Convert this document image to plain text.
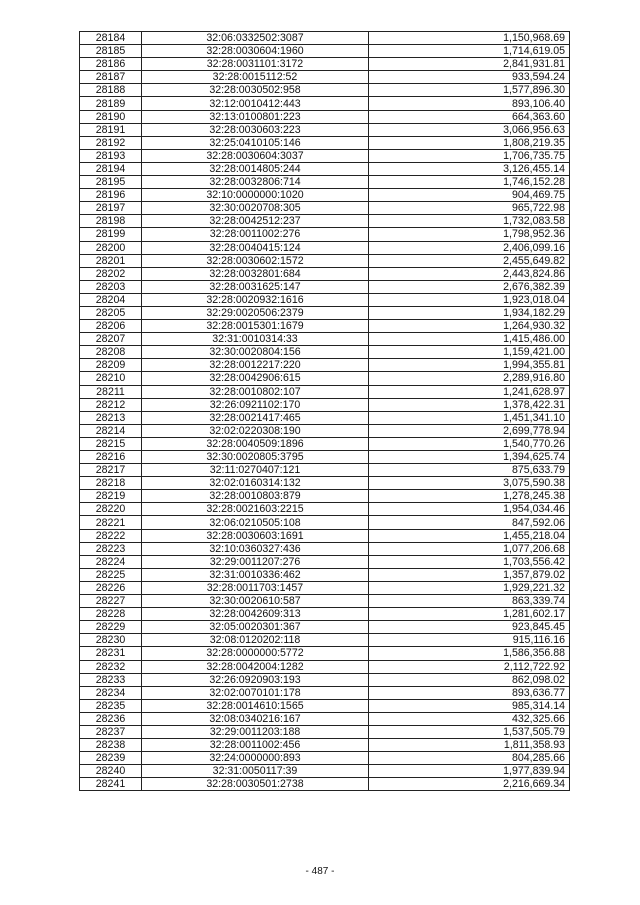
28184	32:06:0332502:3087	1,150,968.69
28185	32:28:0030604:1960	1,714,619.05
28186	32:28:0031101:3172	2,841,931.81
28187	32:28:0015112:52	933,594.24
28188	32:28:0030502:958	1,577,896.30
28189	32:12:0010412:443	893,106.40
28190	32:13:0100801:223	664,363.60
28191	32:28:0030603:223	3,066,956.63
28192	32:25:0410105:146	1,808,219.35
28193	32:28:0030604:3037	1,706,735.75
28194	32:28:0014805:244	3,126,455.14
28195	32:28:0032806:714	1,746,152.28
28196	32:10:0000000:1020	904,469.75
28197	32:30:0020708:305	965,722.98
28198	32:28:0042512:237	1,732,083.58
28199	32:28:0011002:276	1,798,952.36
28200	32:28:0040415:124	2,406,099.16
28201	32:28:0030602:1572	2,455,649.82
28202	32:28:0032801:684	2,443,824.86
28203	32:28:0031625:147	2,676,382.39
28204	32:28:0020932:1616	1,923,018.04
28205	32:29:0020506:2379	1,934,182.29
28206	32:28:0015301:1679	1,264,930.32
28207	32:31:0010314:33	1,415,486.00
28208	32:30:0020804:156	1,159,421.00
28209	32:28:0012217:220	1,994,355.81
28210	32:28:0042906:615	2,289,916.80
28211	32:28:0010802:107	1,241,628.97
28212	32:26:0921102:170	1,378,422.31
28213	32:28:0021417:465	1,451,341.10
28214	32:02:0220308:190	2,699,778.94
28215	32:28:0040509:1896	1,540,770.26
28216	32:30:0020805:3795	1,394,625.74
28217	32:11:0270407:121	875,633.79
28218	32:02:0160314:132	3,075,590.38
28219	32:28:0010803:879	1,278,245.38
28220	32:28:0021603:2215	1,954,034.46
28221	32:06:0210505:108	847,592.06
28222	32:28:0030603:1691	1,455,218.04
28223	32:10:0360327:436	1,077,206.68
28224	32:29:0011207:276	1,703,556.42
28225	32:31:0010336:462	1,357,879.02
28226	32:28:0011703:1457	1,929,221.32
28227	32:30:0020610:587	863,339.74
28228	32:28:0042609:313	1,281,602.17
28229	32:05:0020301:367	923,845.45
28230	32:08:0120202:118	915,116.16
28231	32:28:0000000:5772	1,586,356.88
28232	32:28:0042004:1282	2,112,722.92
28233	32:26:0920903:193	862,098.02
28234	32:02:0070101:178	893,636.77
28235	32:28:0014610:1565	985,314.14
28236	32:08:0340216:167	432,325.66
28237	32:29:0011203:188	1,537,505.79
28238	32:28:0011002:456	1,811,358.93
28239	32:24:0000000:893	804,285.66
28240	32:31:0050117:39	1,977,839.94
28241	32:28:0030501:2738	2,216,669.34
- 487 -
